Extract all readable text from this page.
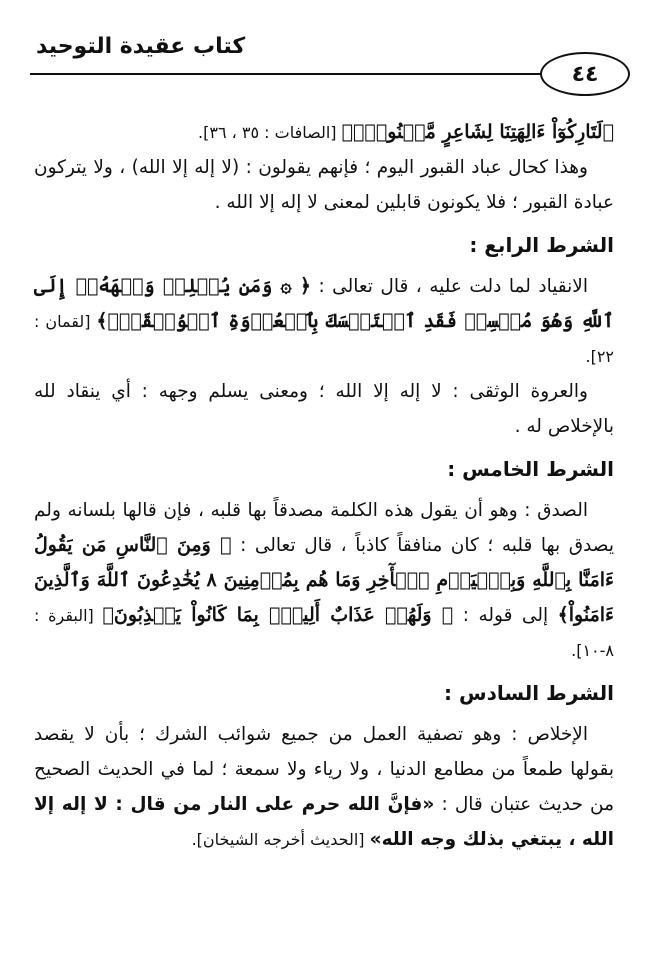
كتاب عقيدة التوحيد
٤٤

﴿لَتَارِكُوٓاْ ءَالِهَتِنَا لِشَاعِرٍ مَّجۡنُونِۭ﴾ [الصافات : ٣٥ ، ٣٦].

وهذا كحال عباد القبور اليوم ؛ فإنهم يقولون : (لا إله إلا الله) ، ولا يتركون عبادة القبور ؛ فلا يكونون قابلين لمعنى لا إله إلا الله .

الشرط الرابع :

الانقياد لما دلت عليه ، قال تعالى : ﴿ ۞ وَمَن يُسۡلِمۡ وَجۡهَهُۥٓ إِلَى ٱللَّهِ وَهُوَ مُحۡسِنٞ فَقَدِ ٱسۡتَمۡسَكَ بِٱلۡعُرۡوَةِ ٱلۡوُثۡقَىٰۗ﴾ [لقمان : ٢٢].

والعروة الوثقى : لا إله إلا الله ؛ ومعنى يسلم وجهه : أي ينقاد لله بالإخلاص له .

الشرط الخامس :

الصدق : وهو أن يقول هذه الكلمة مصدقاً بها قلبه ، فإن قالها بلسانه ولم يصدق بها قلبه ؛ كان منافقاً كاذباً ، قال تعالى : ﴿ وَمِنَ ٱلنَّاسِ مَن يَقُولُ ءَامَنَّا بِٱللَّهِ وَبِٱلۡيَوۡمِ ٱلۡأٓخِرِ وَمَا هُم بِمُؤۡمِنِينَ ٨ يُخَٰدِعُونَ ٱللَّهَ وَٱلَّذِينَ ءَامَنُواْ﴾ إلى قوله : ﴿ وَلَهُمۡ عَذَابٌ أَلِيمُۢ بِمَا كَانُواْ يَكۡذِبُونَ﴾ [البقرة : ٨-١٠].

الشرط السادس :

الإخلاص : وهو تصفية العمل من جميع شوائب الشرك ؛ بأن لا يقصد بقولها طمعاً من مطامع الدنيا ، ولا رياء ولا سمعة ؛ لما في الحديث الصحيح من حديث عتبان قال : «فإنَّ الله حرم على النار من قال : لا إله إلا الله ، يبتغي بذلك وجه الله» [الحديث أخرجه الشيخان].
